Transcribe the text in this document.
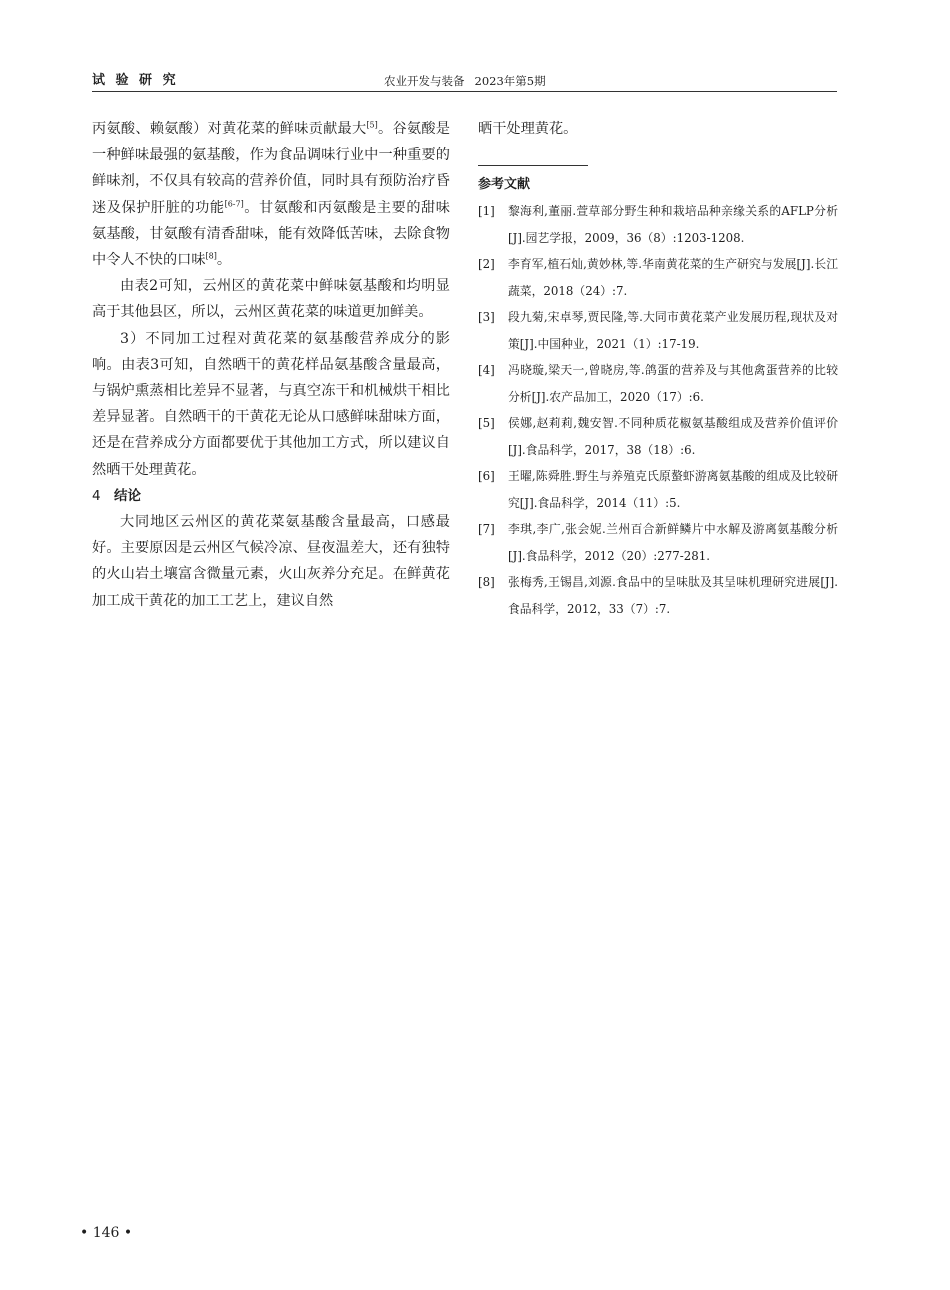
试 验 研 究	农业开发与装备 2023年第5期

丙氨酸、赖氨酸）对黄花菜的鲜味贡献最大[5]。谷氨酸是一种鲜味最强的氨基酸，作为食品调味行业中一种重要的鲜味剂，不仅具有较高的营养价值，同时具有预防治疗昏迷及保护肝脏的功能[6-7]。甘氨酸和丙氨酸是主要的甜味氨基酸，甘氨酸有清香甜味，能有效降低苦味，去除食物中令人不快的口味[8]。

由表2可知，云州区的黄花菜中鲜味氨基酸和均明显高于其他县区，所以，云州区黄花菜的味道更加鲜美。

3）不同加工过程对黄花菜的氨基酸营养成分的影响。由表3可知，自然晒干的黄花样品氨基酸含量最高，与锅炉熏蒸相比差异不显著，与真空冻干和机械烘干相比差异显著。自然晒干的干黄花无论从口感鲜味甜味方面，还是在营养成分方面都要优于其他加工方式，所以建议自然晒干处理黄花。

4 结论

大同地区云州区的黄花菜氨基酸含量最高，口感最好。主要原因是云州区气候冷凉、昼夜温差大，还有独特的火山岩土壤富含微量元素，火山灰养分充足。在鲜黄花加工成干黄花的加工工艺上，建议自然

晒干处理黄花。

参考文献
[1]	黎海利,董丽.萱草部分野生种和栽培品种亲缘关系的AFLP分析[J].园艺学报，2009，36（8）:1203-1208.
[2]	李育军,植石灿,黄妙林,等.华南黄花菜的生产研究与发展[J].长江蔬菜，2018（24）:7.
[3]	段九菊,宋卓琴,贾民隆,等.大同市黄花菜产业发展历程,现状及对策[J].中国种业，2021（1）:17-19.
[4]	冯晓璇,梁天一,曾晓房,等.鸽蛋的营养及与其他禽蛋营养的比较分析[J].农产品加工，2020（17）:6.
[5]	侯娜,赵莉莉,魏安智.不同种质花椒氨基酸组成及营养价值评价[J].食品科学，2017，38（18）:6.
[6]	王曜,陈舜胜.野生与养殖克氏原螯虾游离氨基酸的组成及比较研究[J].食品科学，2014（11）:5.
[7]	李琪,李广,张会妮.兰州百合新鲜鳞片中水解及游离氨基酸分析[J].食品科学，2012（20）:277-281.
[8]	张梅秀,王锡昌,刘源.食品中的呈味肽及其呈味机理研究进展[J].食品科学，2012，33（7）:7.
• 146 •
